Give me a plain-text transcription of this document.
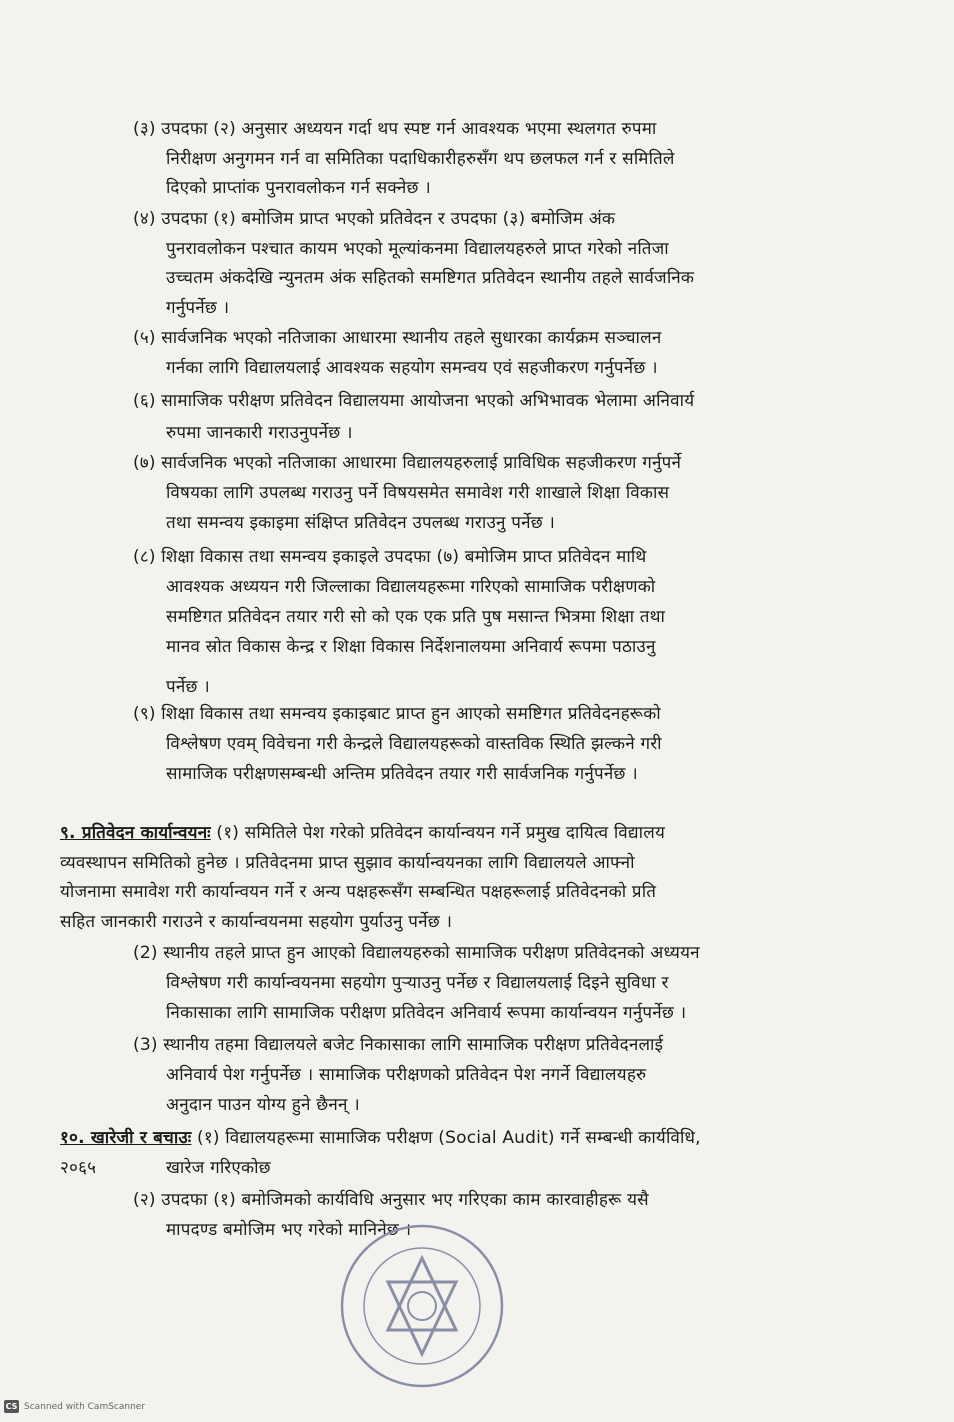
(३) उपदफा (२) अनुसार अध्ययन गर्दा थप स्पष्ट गर्न आवश्यक भएमा स्थलगत रुपमा
निरीक्षण अनुगमन गर्न वा समितिका पदाधिकारीहरुसँग थप छलफल गर्न र समितिले
दिएको प्राप्तांक पुनरावलोकन गर्न सक्नेछ ।
(४) उपदफा (१) बमोजिम प्राप्त भएको प्रतिवेदन र उपदफा (३) बमोजिम अंक
पुनरावलोकन पश्चात कायम भएको मूल्यांकनमा विद्यालयहरुले प्राप्त गरेको नतिजा
उच्चतम अंकदेखि न्युनतम अंक सहितको समष्टिगत प्रतिवेदन स्थानीय तहले सार्वजनिक
गर्नुपर्नेछ ।
(५) सार्वजनिक भएको नतिजाका आधारमा स्थानीय तहले सुधारका कार्यक्रम सञ्चालन
गर्नका लागि विद्यालयलाई आवश्यक सहयोग समन्वय एवं सहजीकरण गर्नुपर्नेछ ।
(६) सामाजिक परीक्षण प्रतिवेदन विद्यालयमा आयोजना भएको अभिभावक भेलामा अनिवार्य
रुपमा जानकारी गराउनुपर्नेछ ।
(७) सार्वजनिक भएको नतिजाका आधारमा विद्यालयहरुलाई प्राविधिक सहजीकरण गर्नुपर्ने
विषयका लागि उपलब्ध गराउनु पर्ने विषयसमेत समावेश गरी शाखाले शिक्षा विकास
तथा समन्वय इकाइमा संक्षिप्त प्रतिवेदन उपलब्ध गराउनु पर्नेछ ।
(८) शिक्षा विकास तथा समन्वय इकाइले उपदफा (७) बमोजिम प्राप्त प्रतिवेदन माथि
आवश्यक अध्ययन गरी जिल्लाका विद्यालयहरूमा गरिएको सामाजिक परीक्षणको
समष्टिगत प्रतिवेदन तयार गरी सो को एक एक प्रति पुष मसान्त भित्रमा शिक्षा तथा
मानव स्रोत विकास केन्द्र र शिक्षा विकास निर्देशनालयमा अनिवार्य रूपमा पठाउनु
पर्नेछ ।
(९) शिक्षा विकास तथा समन्वय इकाइबाट प्राप्त हुन आएको समष्टिगत प्रतिवेदनहरूको
विश्लेषण एवम् विवेचना गरी केन्द्रले विद्यालयहरूको वास्तविक स्थिति झल्कने गरी
सामाजिक परीक्षणसम्बन्धी अन्तिम प्रतिवेदन तयार गरी सार्वजनिक गर्नुपर्नेछ ।
९. प्रतिवेदन कार्यान्वयनः (१) समितिले पेश गरेको प्रतिवेदन कार्यान्वयन गर्ने प्रमुख दायित्व विद्यालय
व्यवस्थापन समितिको हुनेछ । प्रतिवेदनमा प्राप्त सुझाव कार्यान्वयनका लागि विद्यालयले आफ्नो
योजनामा समावेश गरी कार्यान्वयन गर्ने र अन्य पक्षहरूसँग सम्बन्धित पक्षहरूलाई प्रतिवेदनको प्रति
सहित जानकारी गराउने र कार्यान्वयनमा सहयोग पुर्याउनु पर्नेछ ।
(2) स्थानीय तहले प्राप्त हुन आएको विद्यालयहरुको सामाजिक परीक्षण प्रतिवेदनको अध्ययन
विश्लेषण गरी कार्यान्वयनमा सहयोग पुऱ्याउनु पर्नेछ र विद्यालयलाई दिइने सुविधा र
निकासाका लागि सामाजिक परीक्षण प्रतिवेदन अनिवार्य रूपमा कार्यान्वयन गर्नुपर्नेछ ।
(3) स्थानीय तहमा विद्यालयले बजेट निकासाका लागि सामाजिक परीक्षण प्रतिवेदनलाई
अनिवार्य पेश गर्नुपर्नेछ । सामाजिक परीक्षणको प्रतिवेदन पेश नगर्ने विद्यालयहरु
अनुदान पाउन योग्य हुने छैनन् ।
१०. खारेजी र बचाउः (१) विद्यालयहरूमा सामाजिक परीक्षण (Social Audit) गर्ने सम्बन्धी कार्यविधि,
२०६५	खारेज गरिएकोछ
(२) उपदफा (१) बमोजिमको कार्यविधि अनुसार भए गरिएका काम कारवाहीहरू यसै
मापदण्ड बमोजिम भए गरेको मानिनेछ ।
CS Scanned with CamScanner
